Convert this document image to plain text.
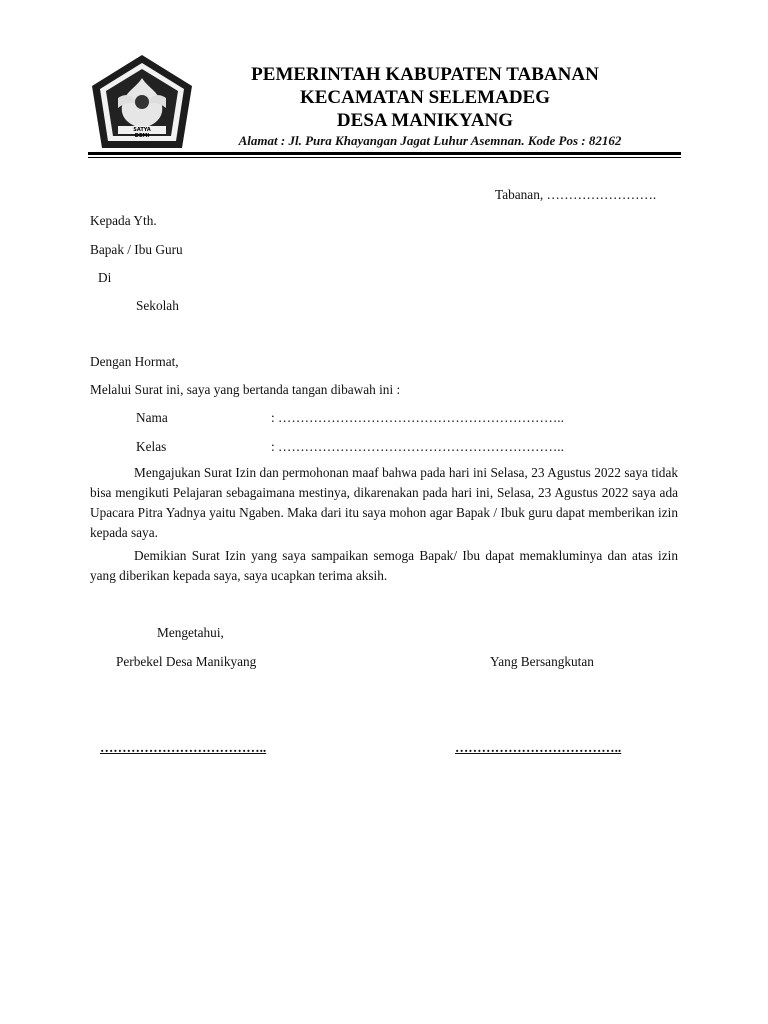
SATYA DEMI
PEMERINTAH KABUPATEN TABANAN
KECAMATAN SELEMADEG
DESA MANIKYANG
Alamat : Jl. Pura Khayangan Jagat Luhur Asemnan. Kode Pos : 82162
Tabanan, …………………….
Kepada Yth.
Bapak / Ibu Guru
Di
Sekolah
Dengan Hormat,
Melalui Surat ini, saya yang bertanda tangan dibawah ini :
Nama	: ………………………………………………………..
Kelas	: ………………………………………………………..
Mengajukan Surat Izin dan permohonan maaf bahwa pada hari ini Selasa, 23 Agustus 2022 saya tidak bisa mengikuti Pelajaran sebagaimana mestinya, dikarenakan pada hari ini, Selasa, 23 Agustus 2022 saya ada Upacara Pitra Yadnya yaitu Ngaben. Maka dari itu saya mohon agar Bapak / Ibuk guru dapat memberikan izin kepada saya.
Demikian Surat Izin yang saya sampaikan semoga Bapak/ Ibu dapat memakluminya dan atas izin yang diberikan kepada saya, saya ucapkan terima aksih.
Mengetahui,
Perbekel Desa Manikyang	Yang Bersangkutan
………………………………..	………………………………..
